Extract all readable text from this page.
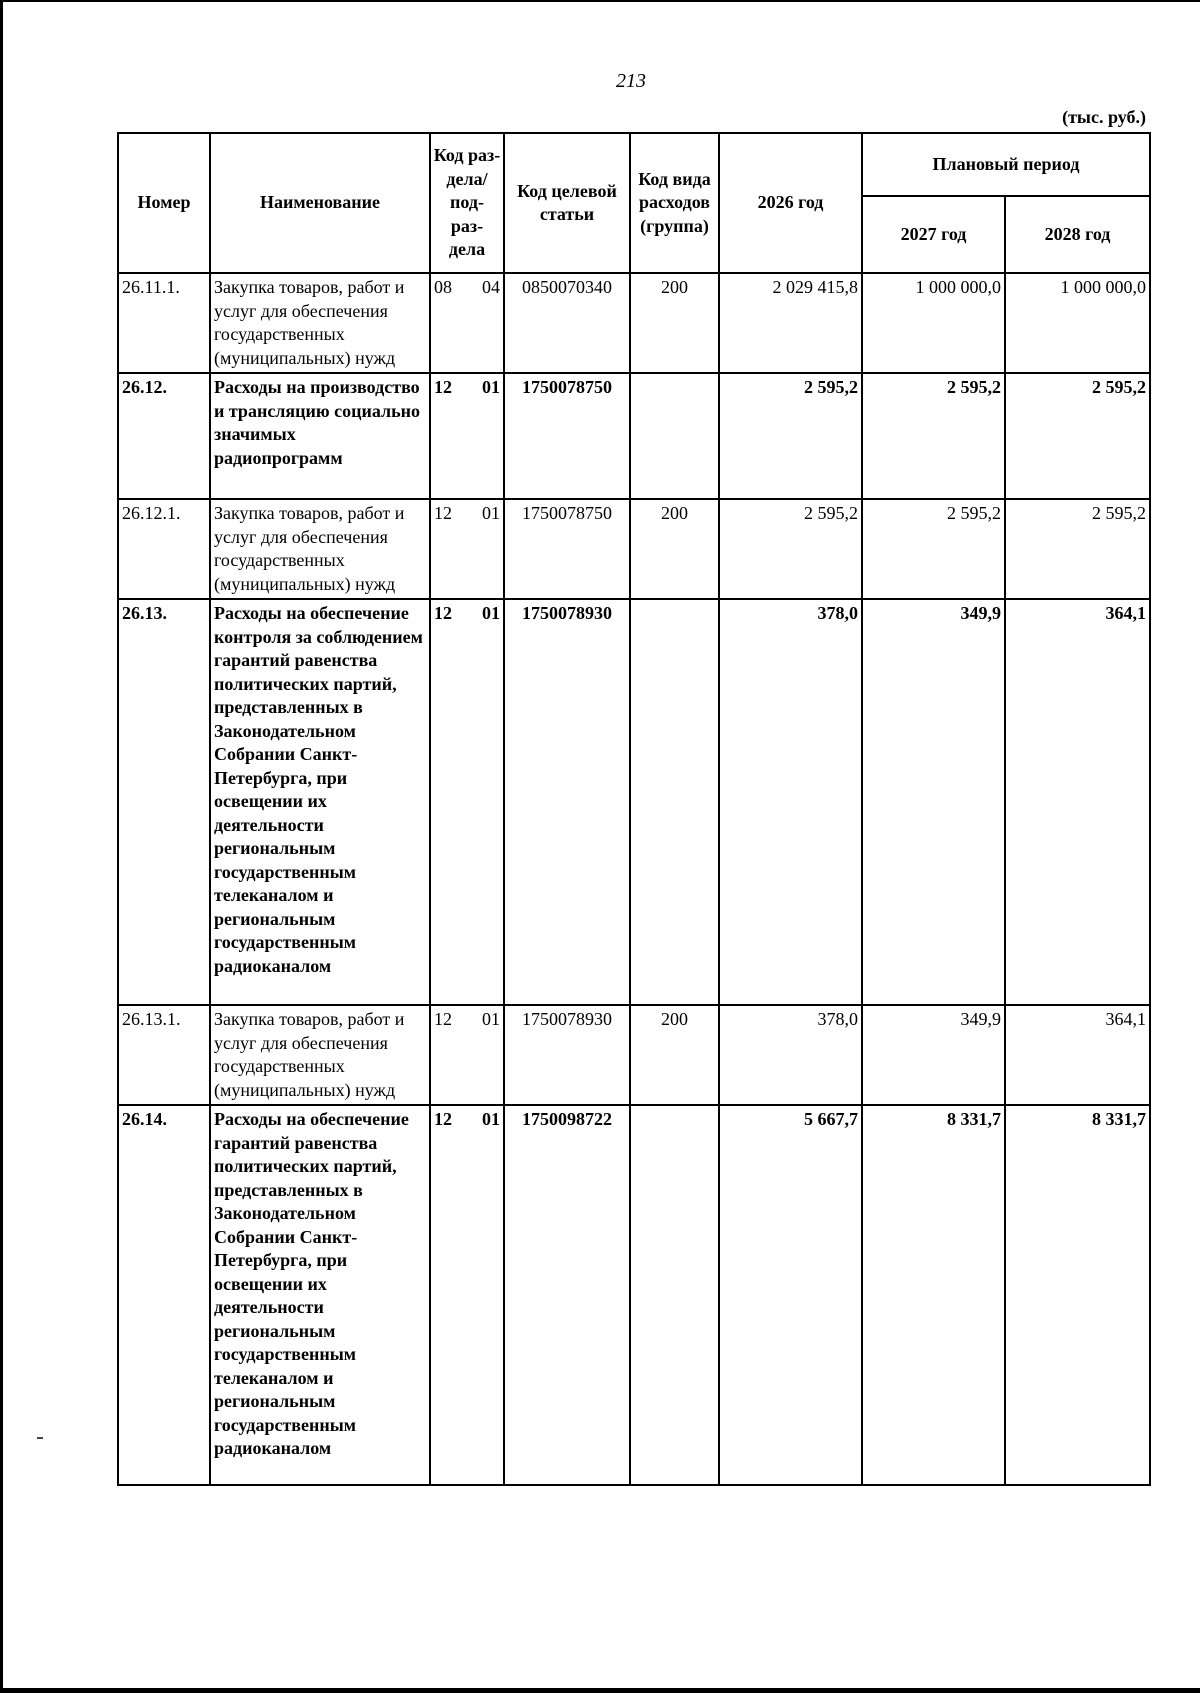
213
(тыс. руб.)
Номер	Наименование	Код раз- дела/ под- раз- дела	Код целевой статьи	Код вида расходов (группа)	2026 год	Плановый период	
						2027 год	2028 год
26.11.1.	Закупка товаров, работ и услуг для обеспечения государственных (муниципальных) нужд	08 04	0850070340	200	2 029 415,8	1 000 000,0	1 000 000,0
26.12.	Расходы на производство и трансляцию социально значимых радиопрограмм	12 01	1750078750		2 595,2	2 595,2	2 595,2
26.12.1.	Закупка товаров, работ и услуг для обеспечения государственных (муниципальных) нужд	12 01	1750078750	200	2 595,2	2 595,2	2 595,2
26.13.	Расходы на обеспечение контроля за соблюдением гарантий равенства политических партий, представленных в Законодательном Собрании Санкт-Петербурга, при освещении их деятельности региональным государственным телеканалом и региональным государственным радиоканалом	12 01	1750078930		378,0	349,9	364,1
26.13.1.	Закупка товаров, работ и услуг для обеспечения государственных (муниципальных) нужд	12 01	1750078930	200	378,0	349,9	364,1
26.14.	Расходы на обеспечение гарантий равенства политических партий, представленных в Законодательном Собрании Санкт-Петербурга, при освещении их деятельности региональным государственным телеканалом и региональным государственным радиоканалом	12 01	1750098722		5 667,7	8 331,7	8 331,7
